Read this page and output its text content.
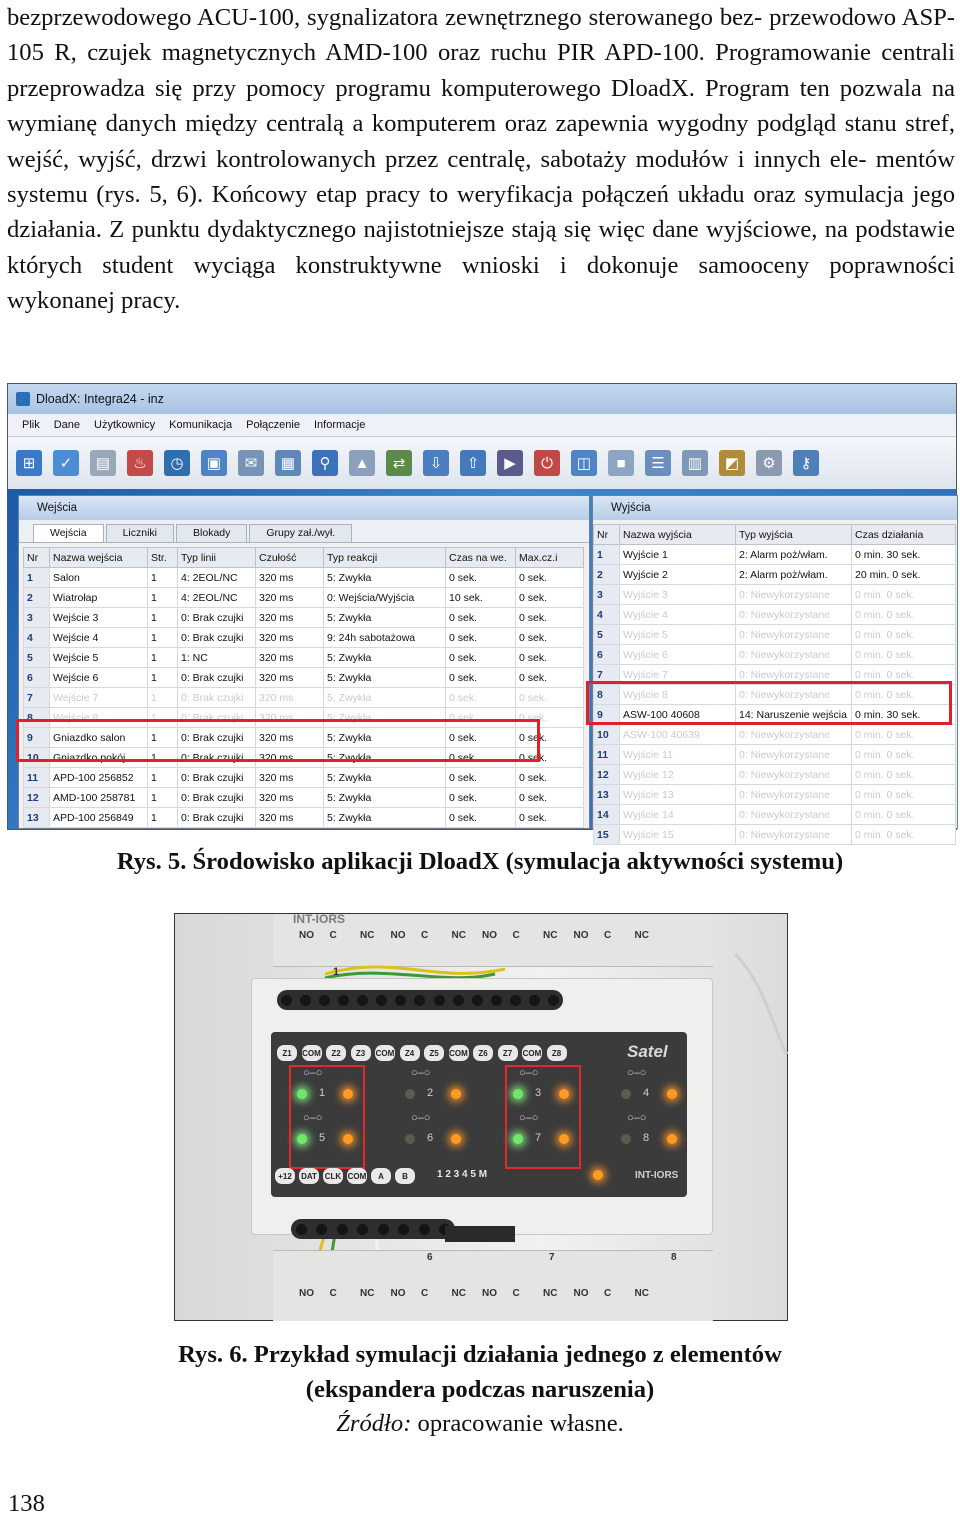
bezprzewodowego ACU-100, sygnalizatora zewnętrznego sterowanego bez- przewodowo ASP-105 R, czujek magnetycznych AMD-100 oraz ruchu PIR APD-100. Programowanie centrali przeprowadza się przy pomocy programu komputerowego DloadX. Program ten pozwala na wymianę danych między centralą a komputerem oraz zapewnia wygodny podgląd stanu stref, wejść, wyjść, drzwi kontrolowanych przez centralę, sabotaży modułów i innych ele- mentów systemu (rys. 5, 6). Końcowy etap pracy to weryfikacja połączeń układu oraz symulacja jego działania. Z punktu dydaktycznego najistotniejsze stają się więc dane wyjściowe, na podstawie których student wyciąga konstruktywne wnioski i dokonuje samooceny poprawności wykonanej pracy.

DloadX: Integra24 - inz
Plik Dane Użytkownicy Komunikacja Połączenie Informacje
⊞	✓	▤	♨	◷	▣	✉	▦	⚲	▲	⇄	⇩	⇧	▶	⏻	◫	■	☰	▥	◩	⚙	⚷
Wejścia
Wejścia	Liczniki	Blokady	Grupy zał./wył.
Nr	Nazwa wejścia	Str.	Typ linii	Czułość	Typ reakcji	Czas na we.	Max.cz.i
1	Salon	1	4: 2EOL/NC	320 ms	5: Zwykła	0 sek.	0 sek.
2	Wiatrołap	1	4: 2EOL/NC	320 ms	0: Wejścia/Wyjścia	10 sek.	0 sek.
3	Wejście 3	1	0: Brak czujki	320 ms	5: Zwykła	0 sek.	0 sek.
4	Wejście 4	1	0: Brak czujki	320 ms	9: 24h sabotażowa	0 sek.	0 sek.
5	Wejście 5	1	1: NC	320 ms	5: Zwykła	0 sek.	0 sek.
6	Wejście 6	1	0: Brak czujki	320 ms	5: Zwykła	0 sek.	0 sek.
7	Wejście 7	1	0: Brak czujki	320 ms	5: Zwykła	0 sek.	0 sek.
8	Wejście 8	1	0: Brak czujki	320 ms	5: Zwykła	0 sek.	0 sek.
9	Gniazdko salon	1	0: Brak czujki	320 ms	5: Zwykła	0 sek.	0 sek.
10	Gniazdko pokój	1	0: Brak czujki	320 ms	5: Zwykła	0 sek.	0 sek.
11	APD-100 256852	1	0: Brak czujki	320 ms	5: Zwykła	0 sek.	0 sek.
12	AMD-100 258781	1	0: Brak czujki	320 ms	5: Zwykła	0 sek.	0 sek.
13	APD-100 256849	1	0: Brak czujki	320 ms	5: Zwykła	0 sek.	0 sek.
Wyjścia
Nr	Nazwa wyjścia	Typ wyjścia	Czas działania
1	Wyjście 1	2: Alarm poż/włam.	0 min. 30 sek.
2	Wyjście 2	2: Alarm poż/włam.	20 min. 0 sek.
3	Wyjście 3	0: Niewykorzystane	0 min. 0 sek.
4	Wyjście 4	0: Niewykorzystane	0 min. 0 sek.
5	Wyjście 5	0: Niewykorzystane	0 min. 0 sek.
6	Wyjście 6	0: Niewykorzystane	0 min. 0 sek.
7	Wyjście 7	0: Niewykorzystane	0 min. 0 sek.
8	Wyjście 8	0: Niewykorzystane	0 min. 0 sek.
9	ASW-100 40608	14: Naruszenie wejścia	0 min. 30 sek.
10	ASW-100 40639	0: Niewykorzystane	0 min. 0 sek.
11	Wyjście 11	0: Niewykorzystane	0 min. 0 sek.
12	Wyjście 12	0: Niewykorzystane	0 min. 0 sek.
13	Wyjście 13	0: Niewykorzystane	0 min. 0 sek.
14	Wyjście 14	0: Niewykorzystane	0 min. 0 sek.
15	Wyjście 15	0: Niewykorzystane	0 min. 0 sek.
Rys. 5. Środowisko aplikacji DloadX (symulacja aktywności systemu)
INT-IORS
NO C NC NO C NC NO C NC NO C NC
1
Z1	COM	Z2	Z3	COM	Z4	Z5	COM	Z6	Z7	COM	Z8	Satel
1
○–○
2
○–○
3
○–○
4
○–○
5
○–○
6
○–○
7
○–○
8
○–○
+12	DAT CLK COM	A	B	1 2 3 4 5 M	INT-IORS
6	7	8
NO C NC NO C NC NO C NC NO C NC
Rys. 6. Przykład symulacji działania jednego z elementów
(ekspandera podczas naruszenia)
Źródło: opracowanie własne.
138
